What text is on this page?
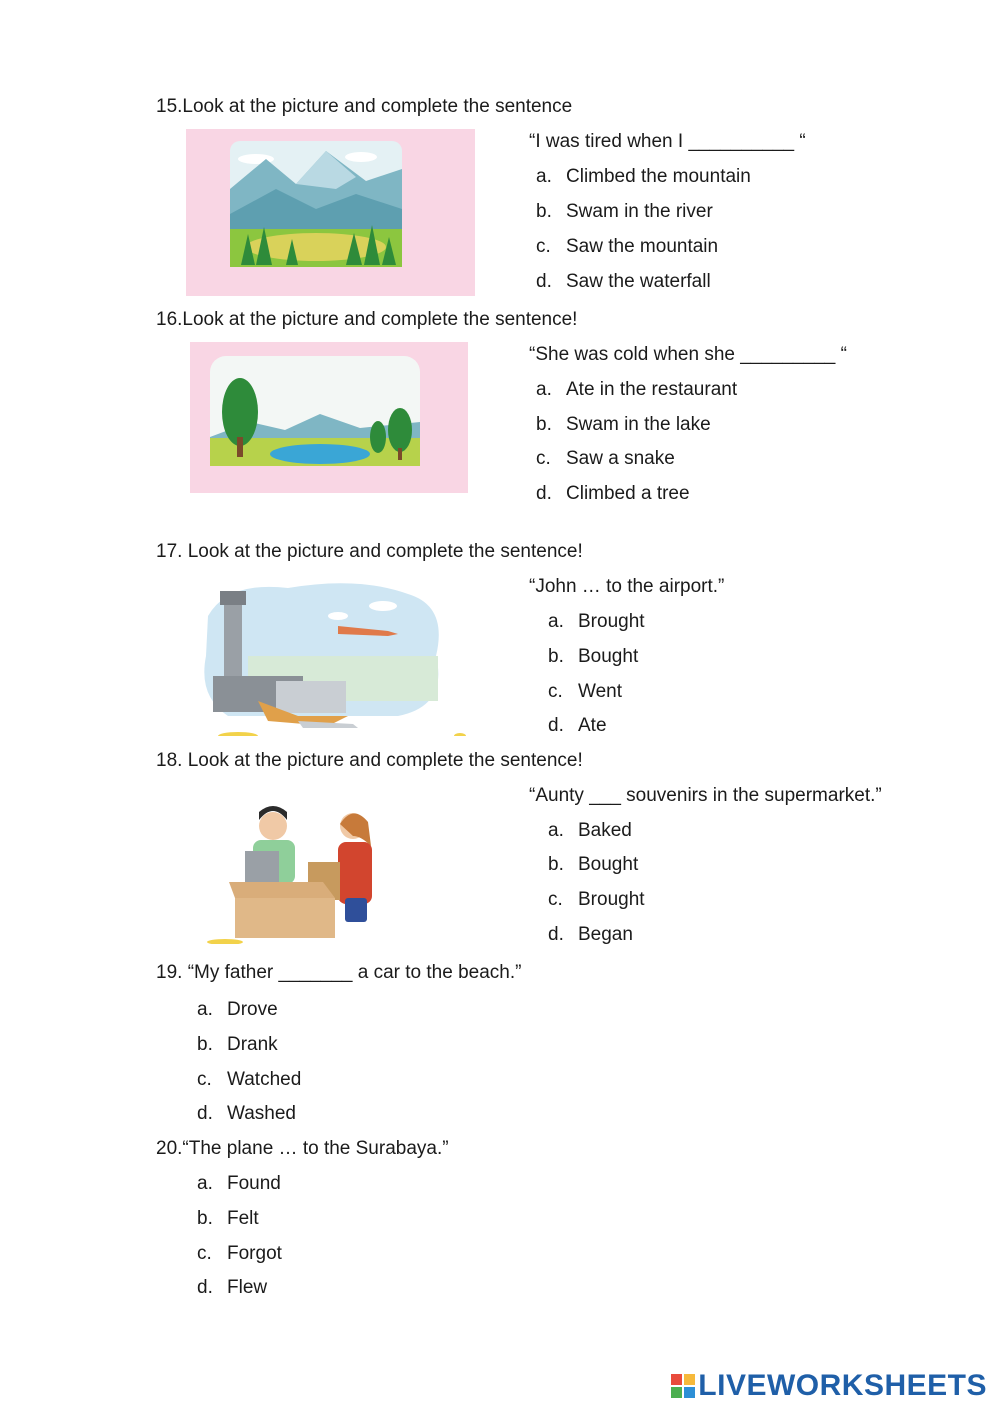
15.Look at the picture and complete the sentence
“I was tired when I __________ “
a. Climbed the mountain
b. Swam in the river
c. Saw the mountain
d. Saw the waterfall
16.Look at the picture and complete the sentence!
“She was cold when she _________ “
a. Ate in the restaurant
b. Swam in the lake
c. Saw a snake
d. Climbed a tree
17. Look at the picture and complete the sentence!
“John … to the airport.”
a. Brought
b. Bought
c. Went
d. Ate
18. Look at the picture and complete the sentence!
“Aunty ___ souvenirs in the supermarket.”
a. Baked
b. Bought
c. Brought
d. Began
19. “My father _______ a car to the beach.”
a. Drove
b. Drank
c. Watched
d. Washed
20.“The plane … to the Surabaya.”
a. Found
b. Felt
c. Forgot
d. Flew
LIVEWORKSHEETS
